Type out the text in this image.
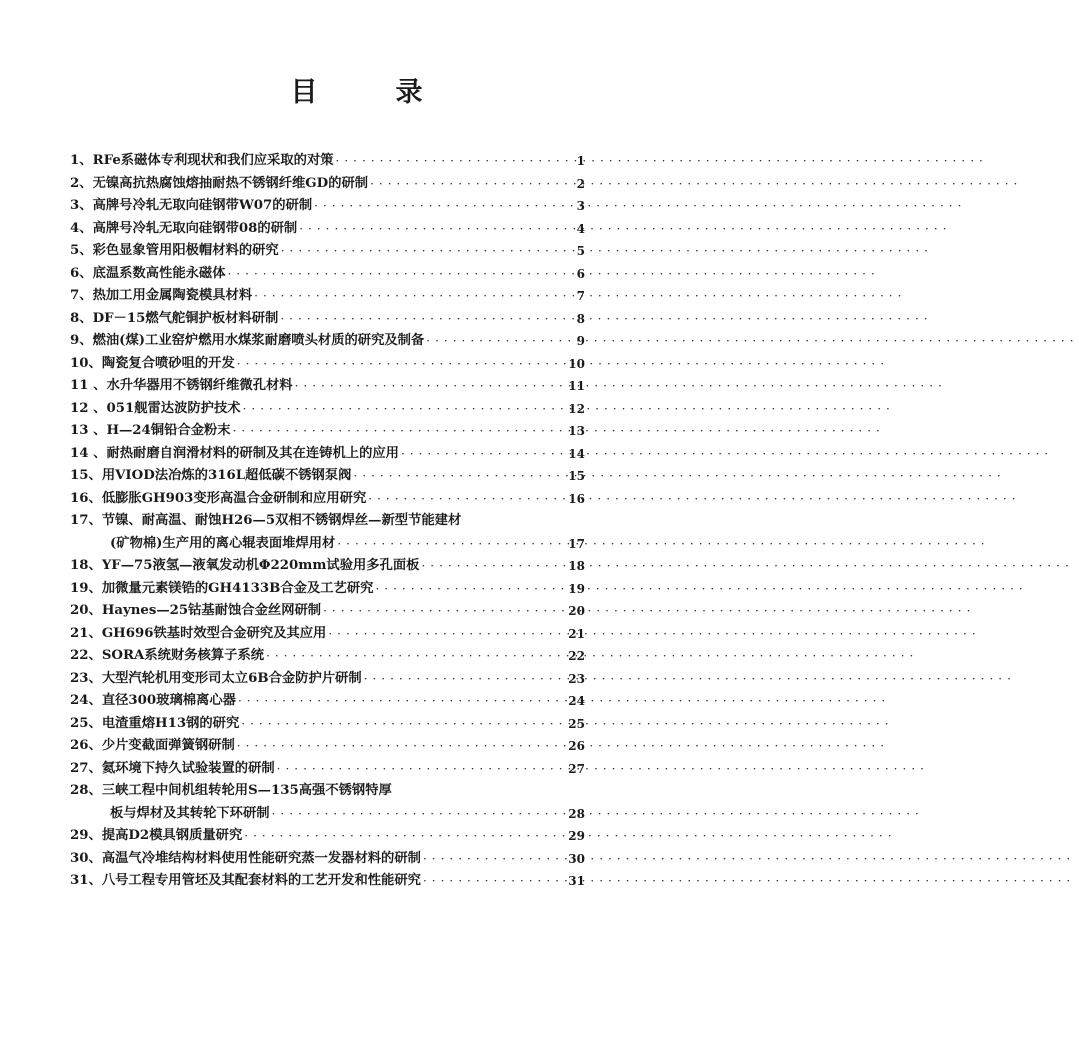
目	录
1、 RFe系磁体专利现状和我们应采取的对策 ·····	1
2、 无镍高抗热腐蚀熔抽耐热不锈钢纤维GD的研制 ·····	2
3、 高牌号冷轧无取向硅钢带W07的研制 ·····	3
4、 高牌号冷轧无取向硅钢带08的研制 ·····	4
5、 彩色显象管用阳极帽材料的研究 ·····	5
6、 底温系数高性能永磁体 ·····	6
7、 热加工用金属陶瓷模具材料 ·····	7
8、 DF－15燃气舵铜护板材料研制 ·····	8
9、 燃油(煤)工业窑炉燃用水煤浆耐磨喷头材质的研究及制备 ·····	9
10、 陶瓷复合喷砂咀的开发 ·····	10
11 、 水升华器用不锈钢纤维微孔材料 ·····	11
12 、 051舰雷达波防护技术 ·····	12
13 、 H—24铜铅合金粉末 ·····	13
14 、 耐热耐磨自润滑材料的研制及其在连铸机上的应用 ·····	14
15、 用VIOD法冶炼的316L超低碳不锈钢泵阀 ·····	15
16、 低膨胀GH903变形高温合金研制和应用研究 ·····	16
17、 节镍、耐高温、耐蚀H26—5双相不锈钢焊丝—新型节能建材
(矿物棉)生产用的离心辊表面堆焊用材 ·····	17
18、 YF—75液氢—液氧发动机Φ220mm试验用多孔面板 ·····	18
19、 加微量元素镁锆的GH4133B合金及工艺研究 ·····	19
20、 Haynes—25钴基耐蚀合金丝网研制 ·····	20
21、 GH696铁基时效型合金研究及其应用 ·····	21
22、 SORA系统财务核算子系统 ·····	22
23、 大型汽轮机用变形司太立6B合金防护片研制 ·····	23
24、 直径300玻璃棉离心器 ·····	24
25、 电渣重熔H13钢的研究 ·····	25
26、 少片变截面弹簧钢研制 ·····	26
27、 氦环境下持久试验装置的研制 ·····	27
28、 三峡工程中间机组转轮用S—135高强不锈钢特厚
板与焊材及其转轮下环研制 ·····	28
29、 提高D2模具钢质量研究 ·····	29
30、 高温气冷堆结构材料使用性能研究蒸一发器材料的研制 ·····	30
31、 八号工程专用管坯及其配套材料的工艺开发和性能研究 ·····	31
